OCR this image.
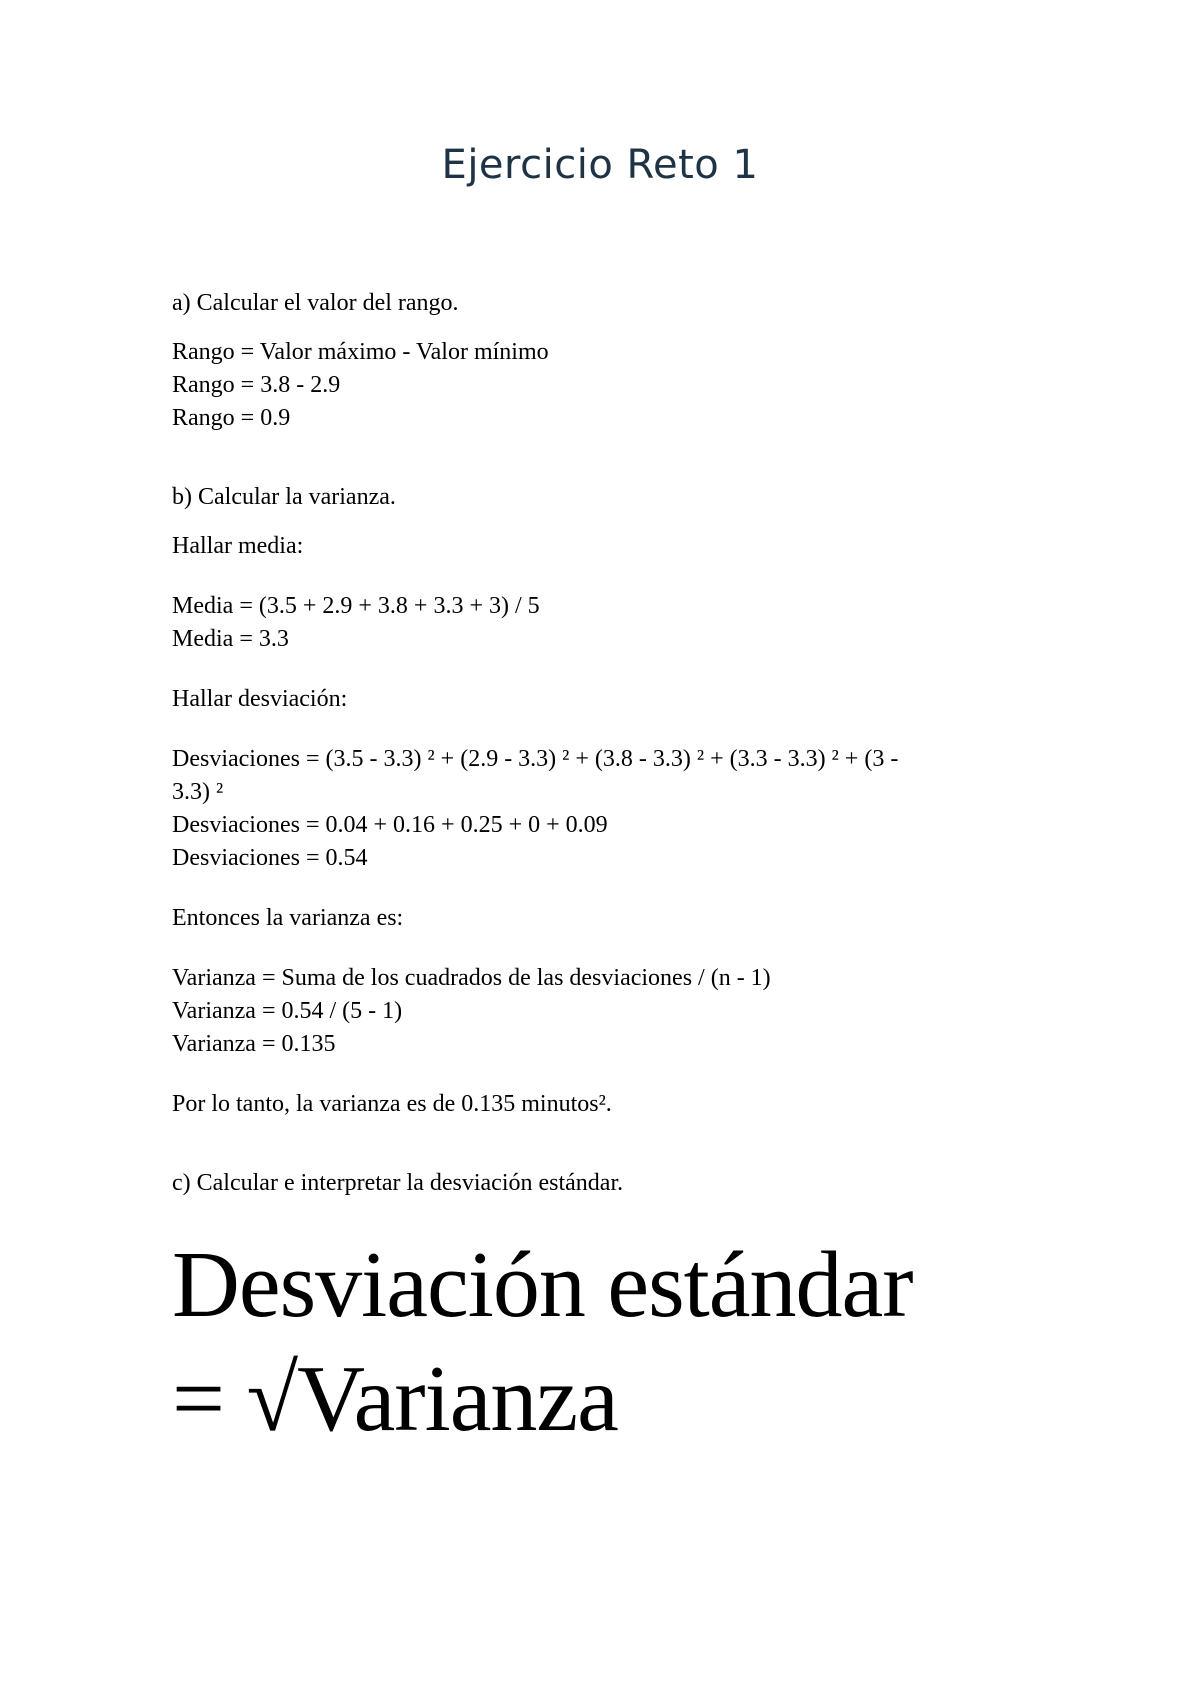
Ejercicio Reto 1

a) Calcular el valor del rango.

Rango = Valor máximo - Valor mínimo

Rango = 3.8 - 2.9

Rango = 0.9

b) Calcular la varianza.

Hallar media:

Media = (3.5 + 2.9 + 3.8 + 3.3 + 3) / 5

Media = 3.3

Hallar desviación:

Desviaciones = (3.5 - 3.3) ² + (2.9 - 3.3) ² + (3.8 - 3.3) ² + (3.3 - 3.3) ² + (3 -

3.3) ²

Desviaciones = 0.04 + 0.16 + 0.25 + 0 + 0.09

Desviaciones = 0.54

Entonces la varianza es:

Varianza = Suma de los cuadrados de las desviaciones / (n - 1)

Varianza = 0.54 / (5 - 1)

Varianza = 0.135

Por lo tanto, la varianza es de 0.135 minutos².

c) Calcular e interpretar la desviación estándar.

Desviación estándar
= √Varianza
